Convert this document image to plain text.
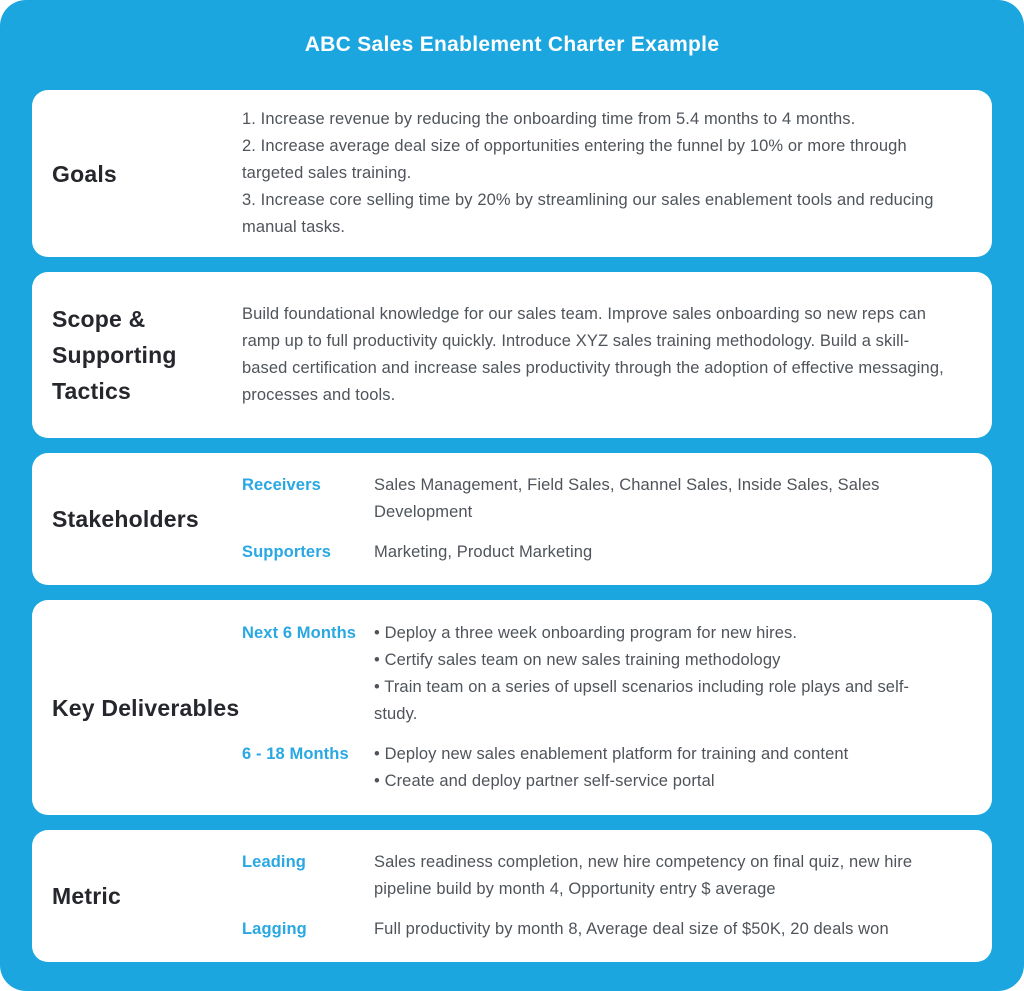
ABC Sales Enablement Charter Example
Goals
1. Increase revenue by reducing the onboarding time from 5.4 months to 4 months.
2. Increase average deal size of opportunities entering the funnel by 10% or more through targeted sales training.
3. Increase core selling time by 20% by streamlining our sales enablement tools and reducing manual tasks.
Scope & Supporting Tactics
Build foundational knowledge for our sales team. Improve sales onboarding so new reps can ramp up to full productivity quickly. Introduce XYZ sales training methodology. Build a skill-based certification and increase sales productivity through the adoption of effective messaging, processes and tools.
Stakeholders
Receivers	Sales Management, Field Sales, Channel Sales, Inside Sales, Sales Development
Supporters	Marketing, Product Marketing
Key Deliverables
Next 6 Months	• Deploy a three week onboarding program for new hires.
• Certify sales team on new sales training methodology
• Train team on a series of upsell scenarios including role plays and self-study.
6 - 18 Months	• Deploy new sales enablement platform for training and content
• Create and deploy partner self-service portal
Metric
Leading	Sales readiness completion, new hire competency on final quiz, new hire pipeline build by month 4, Opportunity entry $ average
Lagging	Full productivity by month 8, Average deal size of $50K, 20 deals won
